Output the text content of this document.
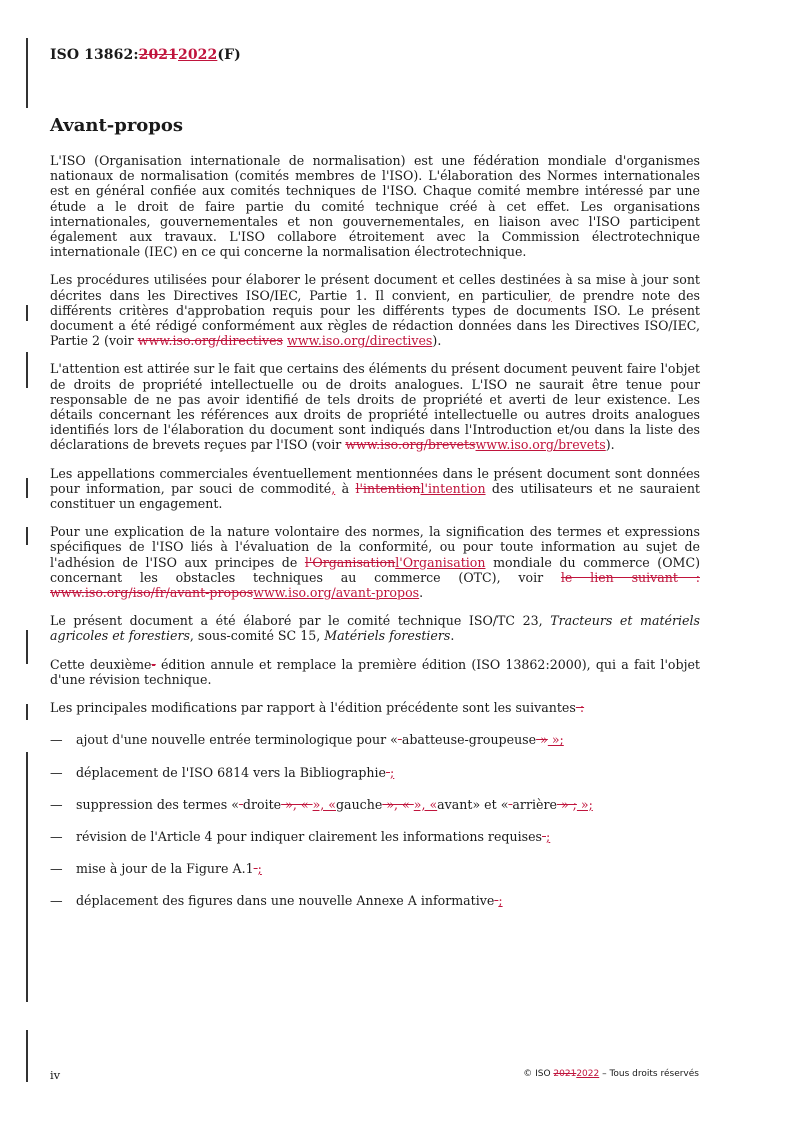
ISO 13862:20212022(F)
Avant-propos

L'ISO (Organisation internationale de normalisation) est une fédération mondiale d'organismes nationaux de normalisation (comités membres de l'ISO). L'élaboration des Normes internationales est en général confiée aux comités techniques de l'ISO. Chaque comité membre intéressé par une étude a le droit de faire partie du comité technique créé à cet effet. Les organisations internationales, gouvernementales et non gouvernementales, en liaison avec l'ISO participent également aux travaux. L'ISO collabore étroitement avec la Commission électrotechnique internationale (IEC) en ce qui concerne la normalisation électrotechnique.

Les procédures utilisées pour élaborer le présent document et celles destinées à sa mise à jour sont décrites dans les Directives ISO/IEC, Partie 1. Il convient, en particulier, de prendre note des différents critères d'approbation requis pour les différents types de documents ISO. Le présent document a été rédigé conformément aux règles de rédaction données dans les Directives ISO/IEC, Partie 2 (voir www.iso.org/directives www.iso.org/directives).

L'attention est attirée sur le fait que certains des éléments du présent document peuvent faire l'objet de droits de propriété intellectuelle ou de droits analogues. L'ISO ne saurait être tenue pour responsable de ne pas avoir identifié de tels droits de propriété et averti de leur existence. Les détails concernant les références aux droits de propriété intellectuelle ou autres droits analogues identifiés lors de l'élaboration du document sont indiqués dans l'Introduction et/ou dans la liste des déclarations de brevets reçues par l'ISO (voir www.iso.org/brevetswww.iso.org/brevets).

Les appellations commerciales éventuellement mentionnées dans le présent document sont données pour information, par souci de commodité, à l'intentionl'intention des utilisateurs et ne sauraient constituer un engagement.

Pour une explication de la nature volontaire des normes, la signification des termes et expressions spécifiques de l'ISO liés à l'évaluation de la conformité, ou pour toute information au sujet de l'adhésion de l'ISO aux principes de l'Organisationl'Organisation mondiale du commerce (OMC) concernant les obstacles techniques au commerce (OTC), voir le lien suivant : www.iso.org/iso/fr/avant-proposwww.iso.org/avant-propos.

Le présent document a été élaboré par le comité technique ISO/TC 23, Tracteurs et matériels agricoles et forestiers, sous-comité SC 15, Matériels forestiers.

Cette deuxième- édition annule et remplace la première édition (ISO 13862:2000), qui a fait l'objet d'une révision technique.

Les principales modifications par rapport à l'édition précédente sont les suivantes :

—	ajout d'une nouvelle entrée terminologique pour « abatteuse-groupeuse » »;
—	déplacement de l'ISO 6814 vers la Bibliographie ;
—	suppression des termes « droite », « », «gauche », « », «avant» et « arrière » ; »;
—	révision de l'Article 4 pour indiquer clairement les informations requises ;
—	mise à jour de la Figure A.1 ;
—	déplacement des figures dans une nouvelle Annexe A informative ;
iv	© ISO 20212022 – Tous droits réservés
